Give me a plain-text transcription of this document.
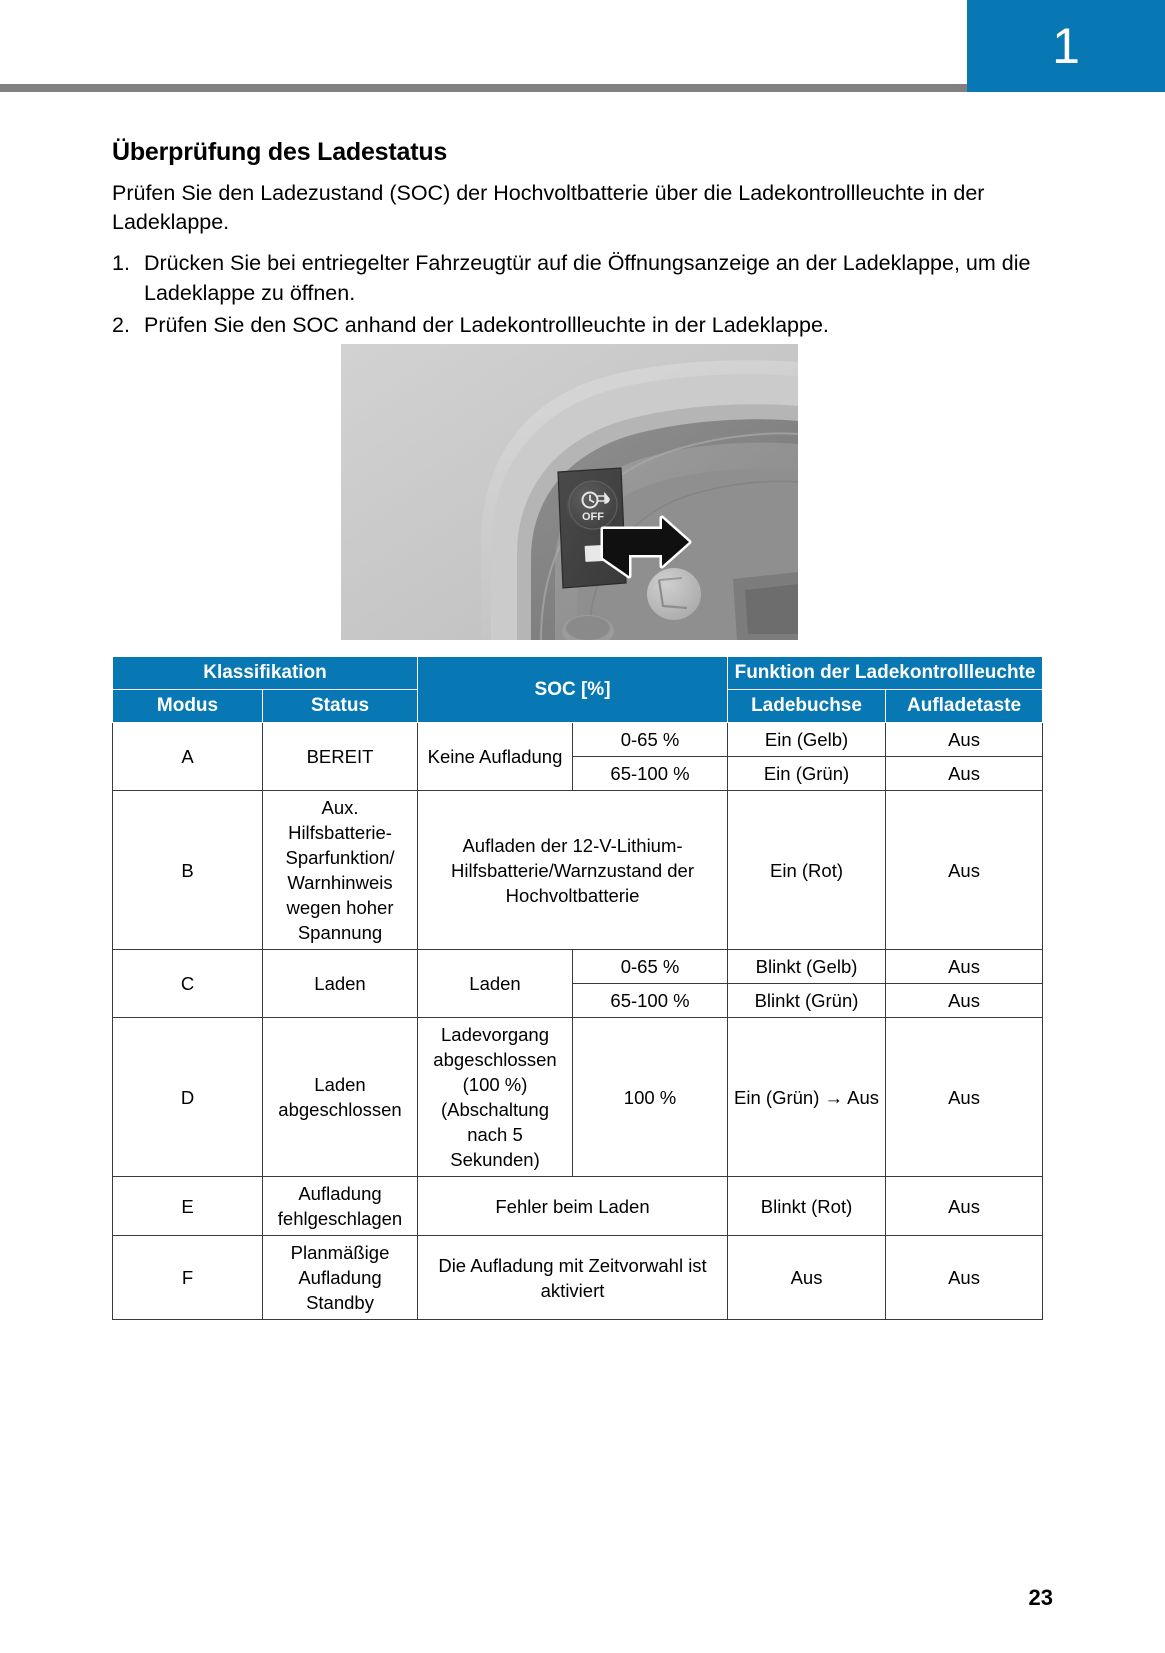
1
Überprüfung des Ladestatus

Prüfen Sie den Ladezustand (SOC) der Hochvoltbatterie über die Ladekontrollleuchte in der Ladeklappe.

1. Drücken Sie bei entriegelter Fahrzeugtür auf die Öffnungsanzeige an der Ladeklappe, um die Ladeklappe zu öffnen.
2. Prüfen Sie den SOC anhand der Ladekontrollleuchte in der Ladeklappe.
OFF
Klassifikation		SOC [%]		Funktion der Ladekontrollleuchte	
Modus	Status			Ladebuchse	Aufladetaste
A	BEREIT	Keine Aufladung	0-65 %	Ein (Gelb)	Aus
			65-100 %	Ein (Grün)	Aus
B	Aux. Hilfsbatterie-Sparfunktion/ Warnhinweis wegen hoher Spannung	Aufladen der 12-V-Lithium-Hilfsbatterie/Warnzustand der Hochvoltbatterie		Ein (Rot)	Aus
C	Laden	Laden	0-65 %	Blinkt (Gelb)	Aus
			65-100 %	Blinkt (Grün)	Aus
D	Laden abgeschlossen	Ladevorgang abgeschlossen (100 %) (Abschaltung nach 5 Sekunden)	100 %	Ein (Grün) → Aus	Aus
E	Aufladung fehlgeschlagen	Fehler beim Laden		Blinkt (Rot)	Aus
F	Planmäßige Aufladung Standby	Die Aufladung mit Zeitvorwahl ist aktiviert		Aus	Aus
23
